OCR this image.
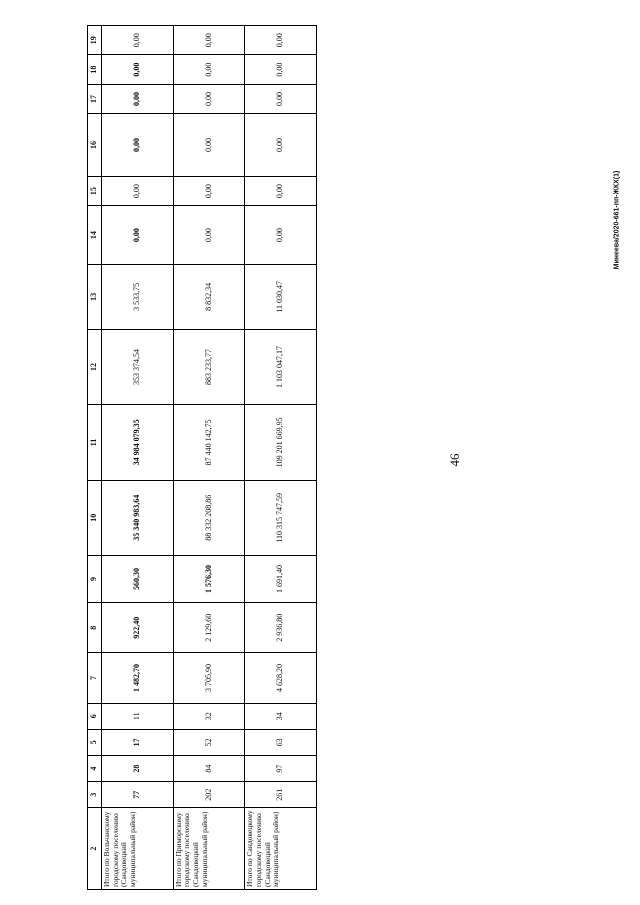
46
Минеева/2020-661-пп-ЖКХ(1)
2	3	4	5	6	7	8	9	10	11	12	13	14	15	16	17	18	19
Итого по Вольчанскому городскому поселению (Сандовецкий муниципальный район)	77	28	17	11	1 482,70	922,40	560,30	35 340 983,64	34 984 079,35	353 374,54	3 533,75	0,00	0,00	0,00	0,00	0,00	0,00
Итого по Приморскому городскому поселению (Сандовецкий муниципальный район)	202	84	52	32	3 705,90	2 129,60	1 576,30	88 332 208,86	87 440 142,75	883 233,77	8 832,34	0,00	0,00	0,00	0,00	0,00	0,00
Итого по Сандовецкому городскому поселению (Сандовецкий муниципальный район)	261	97	63	34	4 628,20	2 936,80	1 691,40	110 315 747,59	109 201 669,95	1 103 047,17	11 030,47	0,00	0,00	0,00	0,00	0,00	0,00
